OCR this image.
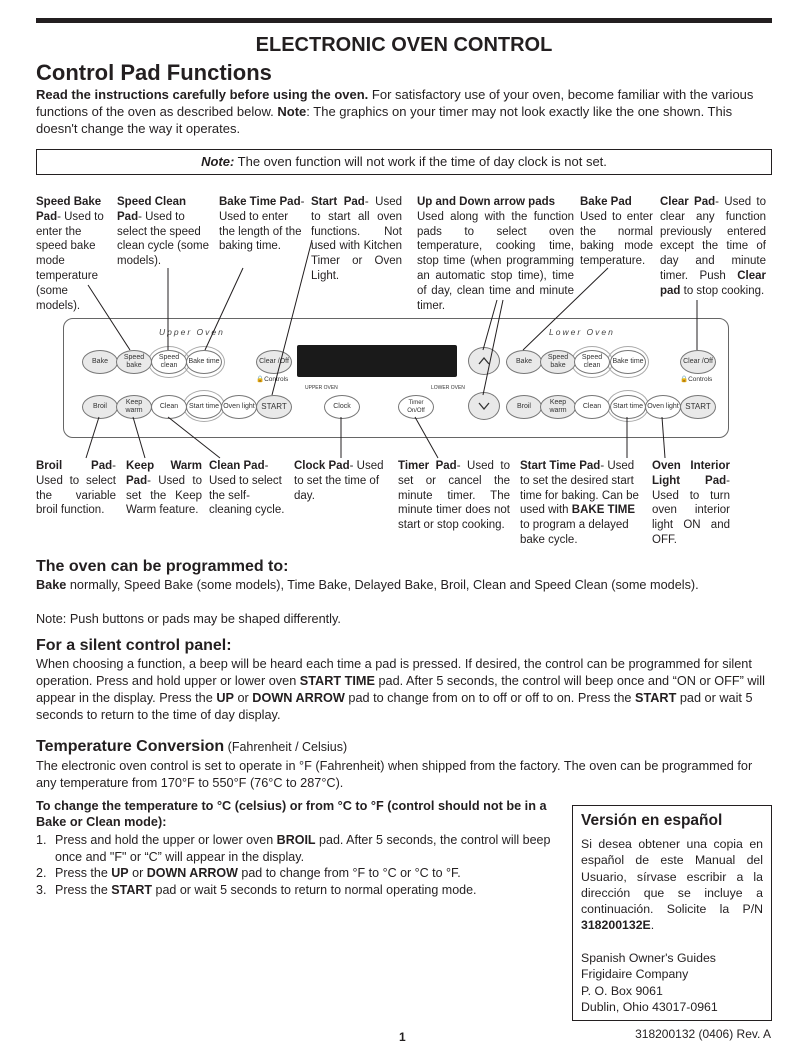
ELECTRONIC OVEN CONTROL
Control Pad Functions
Read the instructions carefully before using the oven. For satisfactory use of your oven, become familiar with the various functions of the oven as described below. Note: The graphics on your timer may not look exactly like the one shown. This doesn't change the way it operates.
Note: The oven function will not work if the time of day clock is not set.
Speed Bake Pad- Used to enter the speed bake mode temperature (some models).
Speed Clean Pad- Used to select the speed clean cycle (some models).
Bake Time Pad- Used to enter the length of the baking time.
Start Pad- Used to start all oven functions. Not used with Kitchen Timer or Oven Light.
Up and Down arrow pads
Used along with the function pads to select oven temperature, cooking time, stop time (when programming an automatic stop time), time of day, clean time and minute timer.
Bake Pad
Used to enter the normal baking mode temperature.
Clear Pad- Used to clear any function previously entered except the time of day and minute timer. Push Clear pad to stop cooking.
Upper Oven	Lower Oven
Bake
Speed bake
Speed clean
Bake time	Clear /Off
🔒Controls
Broil
Keep warm
Clean	Start time Oven light START
UPPER OVEN	LOWER OVEN
Clock	Timer On/Off
Bake
Speed bake
Speed clean
Bake time	Clear /Off
🔒Controls
Broil
Keep warm
Clean	Start time Oven light START
Broil Pad- Used to select the variable broil function.
Keep Warm Pad- Used to set the Keep Warm feature.
Clean Pad- Used to select the self-cleaning cycle.
Clock Pad- Used to set the time of day.
Timer Pad- Used to set or cancel the minute timer. The minute timer does not start or stop cooking.
Start Time Pad- Used to set the desired start time for baking. Can be used with BAKE TIME to program a delayed bake cycle.
Oven Interior Light Pad- Used to turn oven interior light ON and OFF.
The oven can be programmed to:
Bake normally, Speed Bake (some models), Time Bake, Delayed Bake, Broil, Clean and Speed Clean (some models).
Note: Push buttons or pads may be shaped differently.
For a silent control panel:
When choosing a function, a beep will be heard each time a pad is pressed. If desired, the control can be programmed for silent operation. Press and hold upper or lower oven START TIME pad. After 5 seconds, the control will beep once and “ON or OFF” will appear in the display. Press the UP or DOWN ARROW pad to change from on to off or off to on. Press the START pad or wait 5 seconds to return to the time of day display.
Temperature Conversion (Fahrenheit / Celsius)
The electronic oven control is set to operate in °F (Fahrenheit) when shipped from the factory. The oven can be programmed for any temperature from 170°F to 550°F (76°C to 287°C).
To change the temperature to °C (celsius) or from °C to °F (control should not be in a Bake or Clean mode):
1. Press and hold the upper or lower oven BROIL pad. After 5 seconds, the control will beep once and "F" or “C” will appear in the display.
2. Press the UP or DOWN ARROW pad to change from °F to °C or °C to °F.
3. Press the START pad or wait 5 seconds to return to normal operating mode.
Versión en español
Si desea obtener una copia en español de este Manual del Usuario, sírvase escribir a la dirección que se incluye a continuación. Solicite la P/N 318200132E.
Spanish Owner's Guides
Frigidaire Company
P. O. Box 9061
Dublin, Ohio 43017-0961
1	318200132 (0406) Rev. A
